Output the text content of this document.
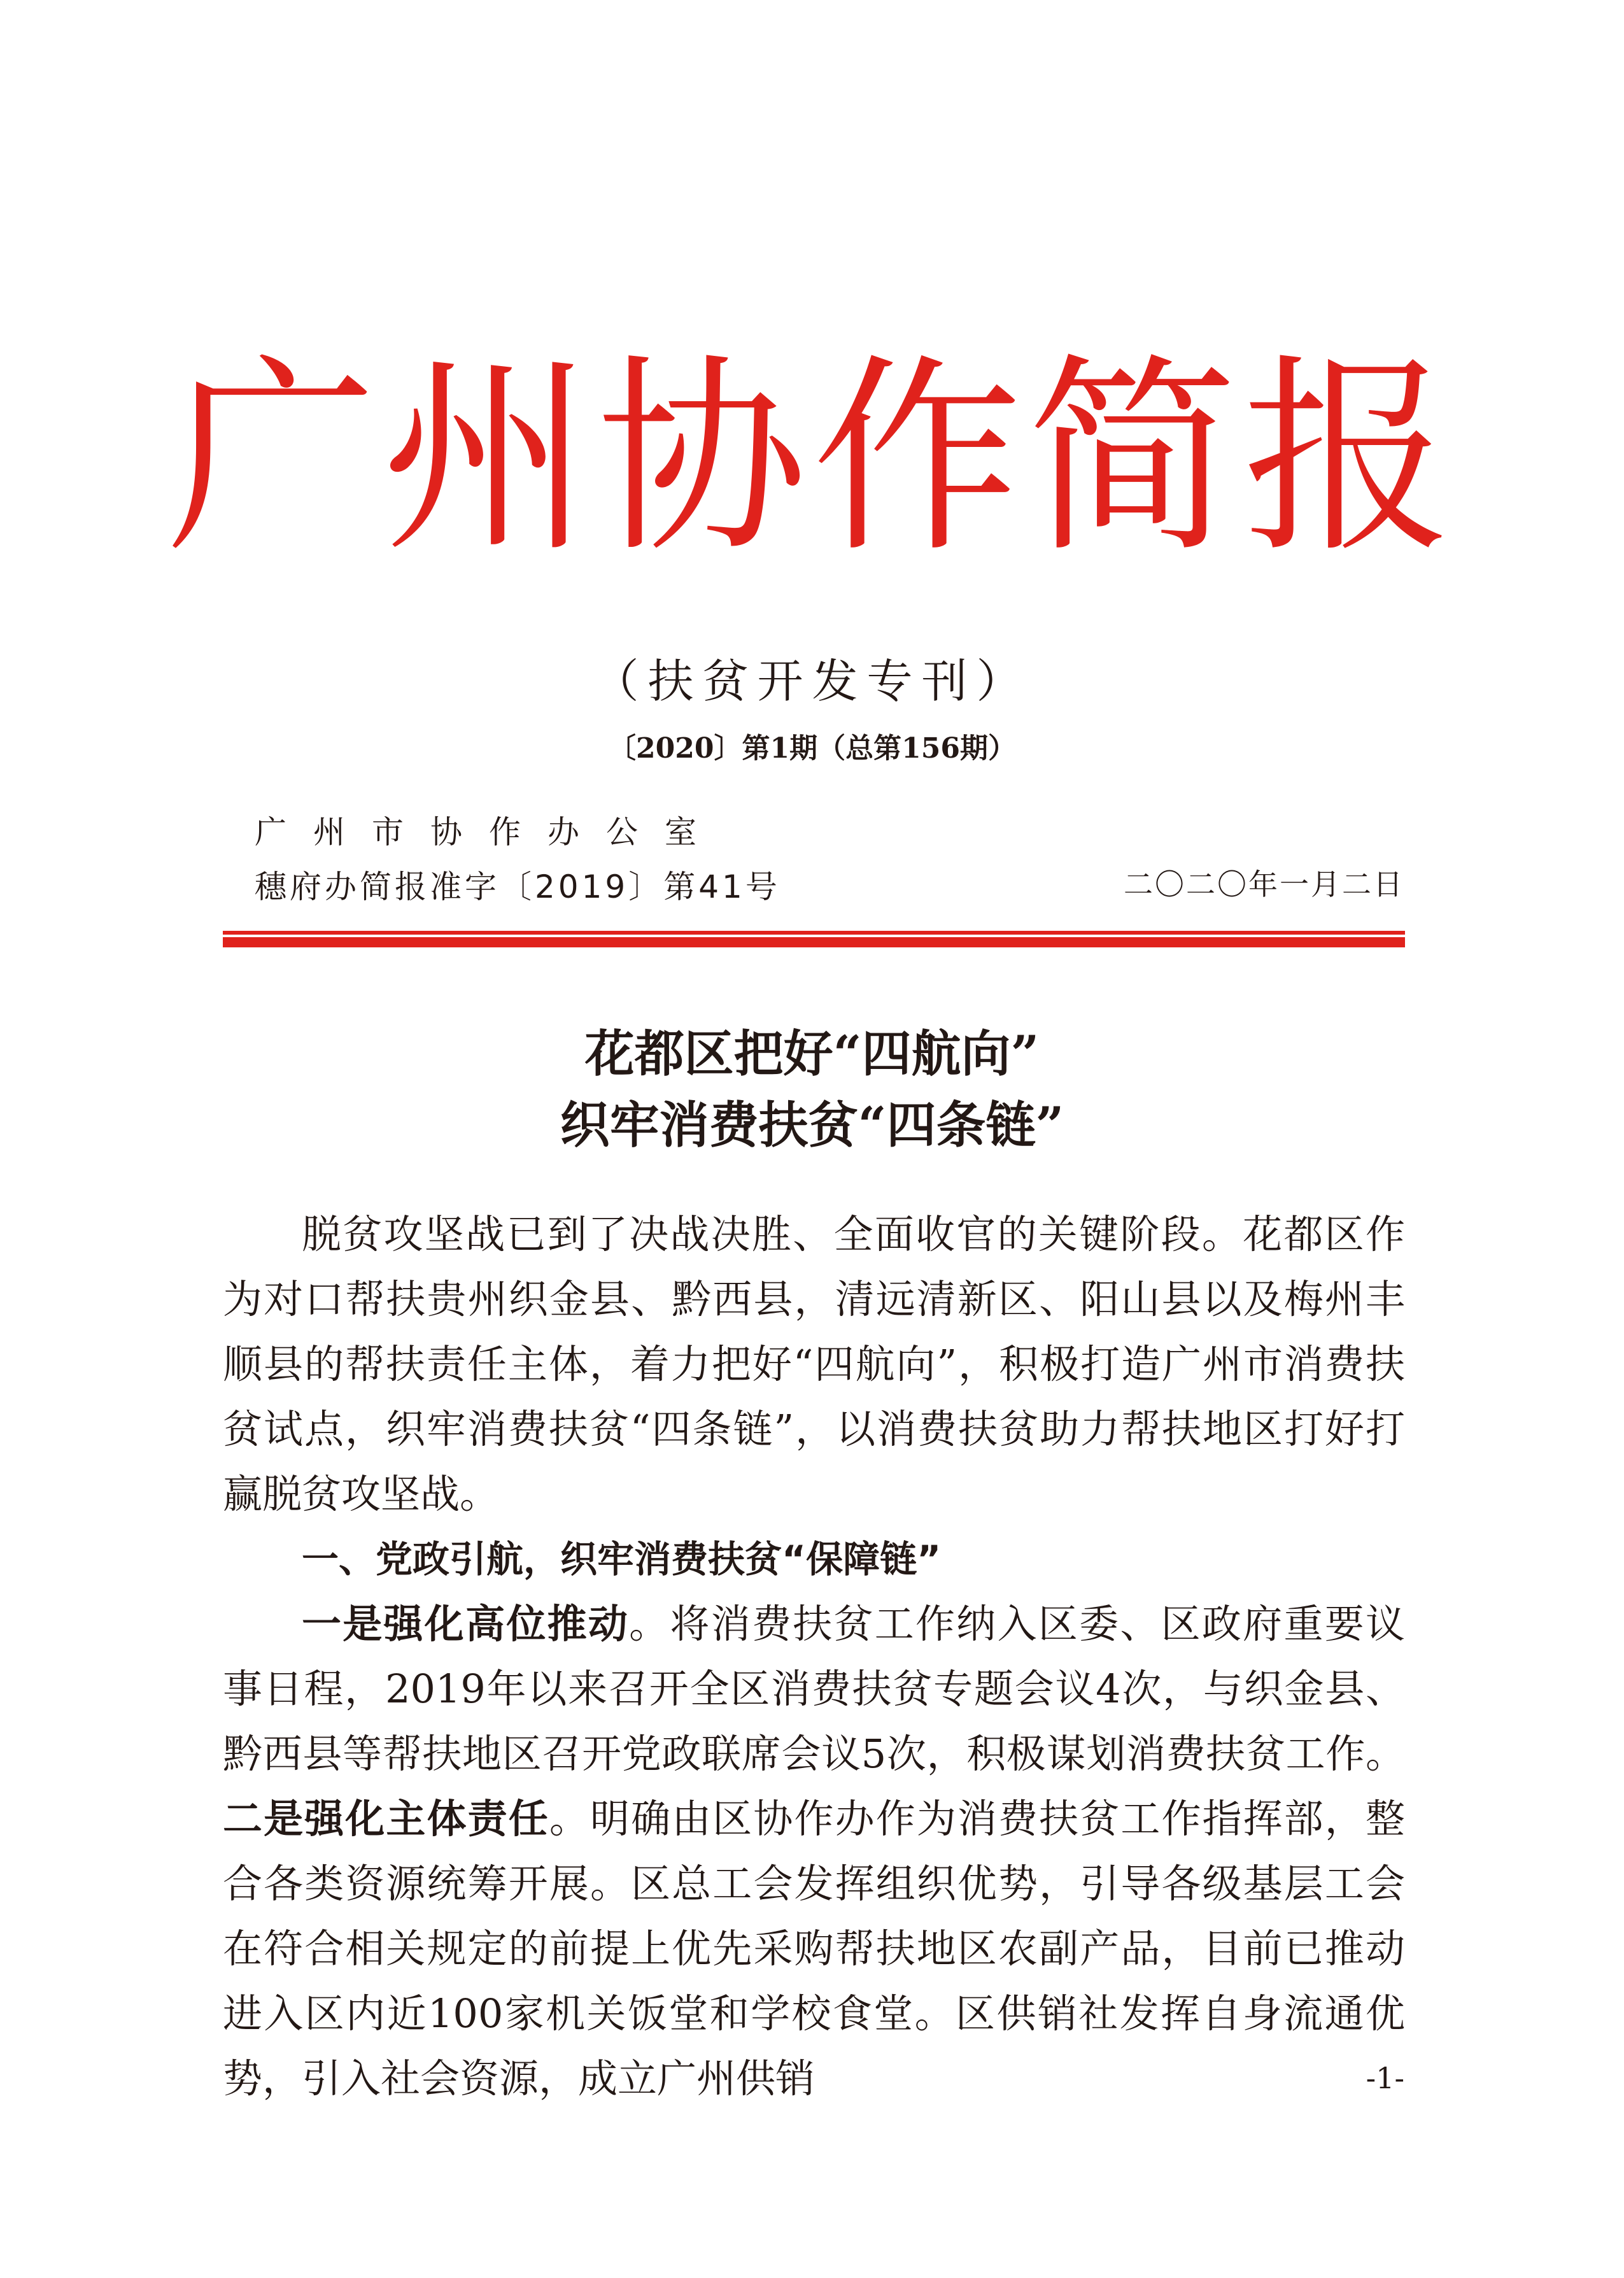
广州协作简报
（扶贫开发专刊）
〔2020〕第1期（总第156期）
广州市协作办公室
穗府办简报准字〔2019〕第41号	二〇二〇年一月二日
花都区把好“四航向”
织牢消费扶贫“四条链”

脱贫攻坚战已到了决战决胜、全面收官的关键阶段。花都区作为对口帮扶贵州织金县、黔西县，清远清新区、阳山县以及梅州丰顺县的帮扶责任主体，着力把好“四航向”，积极打造广州市消费扶贫试点，织牢消费扶贫“四条链”，以消费扶贫助力帮扶地区打好打赢脱贫攻坚战。

一、党政引航，织牢消费扶贫“保障链”

一是强化高位推动。将消费扶贫工作纳入区委、区政府重要议事日程，2019年以来召开全区消费扶贫专题会议4次，与织金县、黔西县等帮扶地区召开党政联席会议5次，积极谋划消费扶贫工作。二是强化主体责任。明确由区协作办作为消费扶贫工作指挥部，整合各类资源统筹开展。区总工会发挥组织优势，引导各级基层工会在符合相关规定的前提上优先采购帮扶地区农副产品，目前已推动进入区内近100家机关饭堂和学校食堂。区供销社发挥自身流通优势，引入社会资源，成立广州供销	-1-
